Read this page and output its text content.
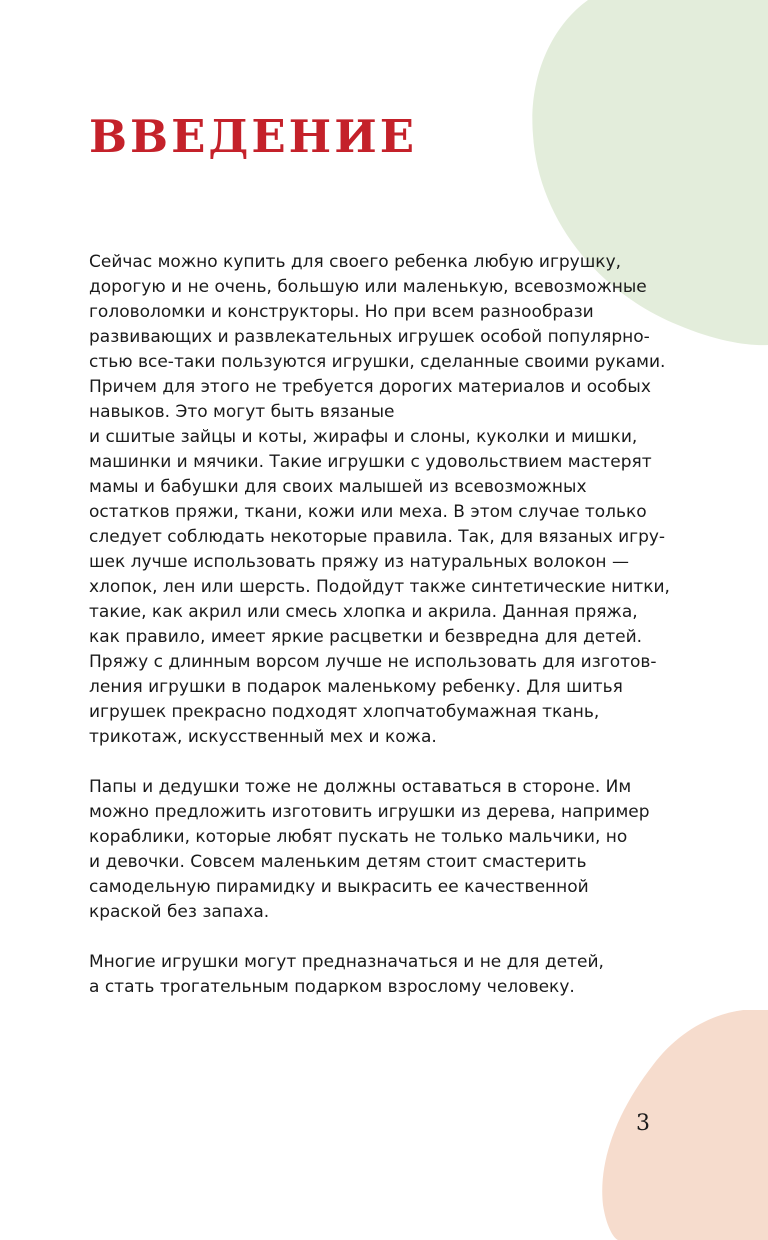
ВВЕДЕНИЕ

Сейчас можно купить для своего ребенка любую игрушку,
дорогую и не очень, большую или маленькую, всевозможные
головоломки и конструкторы. Но при всем разнообрази
развивающих и развлекательных игрушек особой популярно-
стью все-таки пользуются игрушки, сделанные своими руками.
Причем для этого не требуется дорогих материалов и особых
навыков. Это могут быть вязаные
и сшитые зайцы и коты, жирафы и слоны, куколки и мишки,
машинки и мячики. Такие игрушки с удовольствием мастерят
мамы и бабушки для своих малышей из всевозможных
остатков пряжи, ткани, кожи или меха. В этом случае только
следует соблюдать некоторые правила. Так, для вязаных игру-
шек лучше использовать пряжу из натуральных волокон —
хлопок, лен или шерсть. Подойдут также синтетические нитки,
такие, как акрил или смесь хлопка и акрила. Данная пряжа,
как правило, имеет яркие расцветки и безвредна для детей.
Пряжу с длинным ворсом лучше не использовать для изготов-
ления игрушки в подарок маленькому ребенку. Для шитья
игрушек прекрасно подходят хлопчатобумажная ткань,
трикотаж, искусственный мех и кожа.

Папы и дедушки тоже не должны оставаться в стороне. Им
можно предложить изготовить игрушки из дерева, например
кораблики, которые любят пускать не только мальчики, но
и девочки. Совсем маленьким детям стоит смастерить
самодельную пирамидку и выкрасить ее качественной
краской без запаха.

Многие игрушки могут предназначаться и не для детей,
а стать трогательным подарком взрослому человеку.

3
